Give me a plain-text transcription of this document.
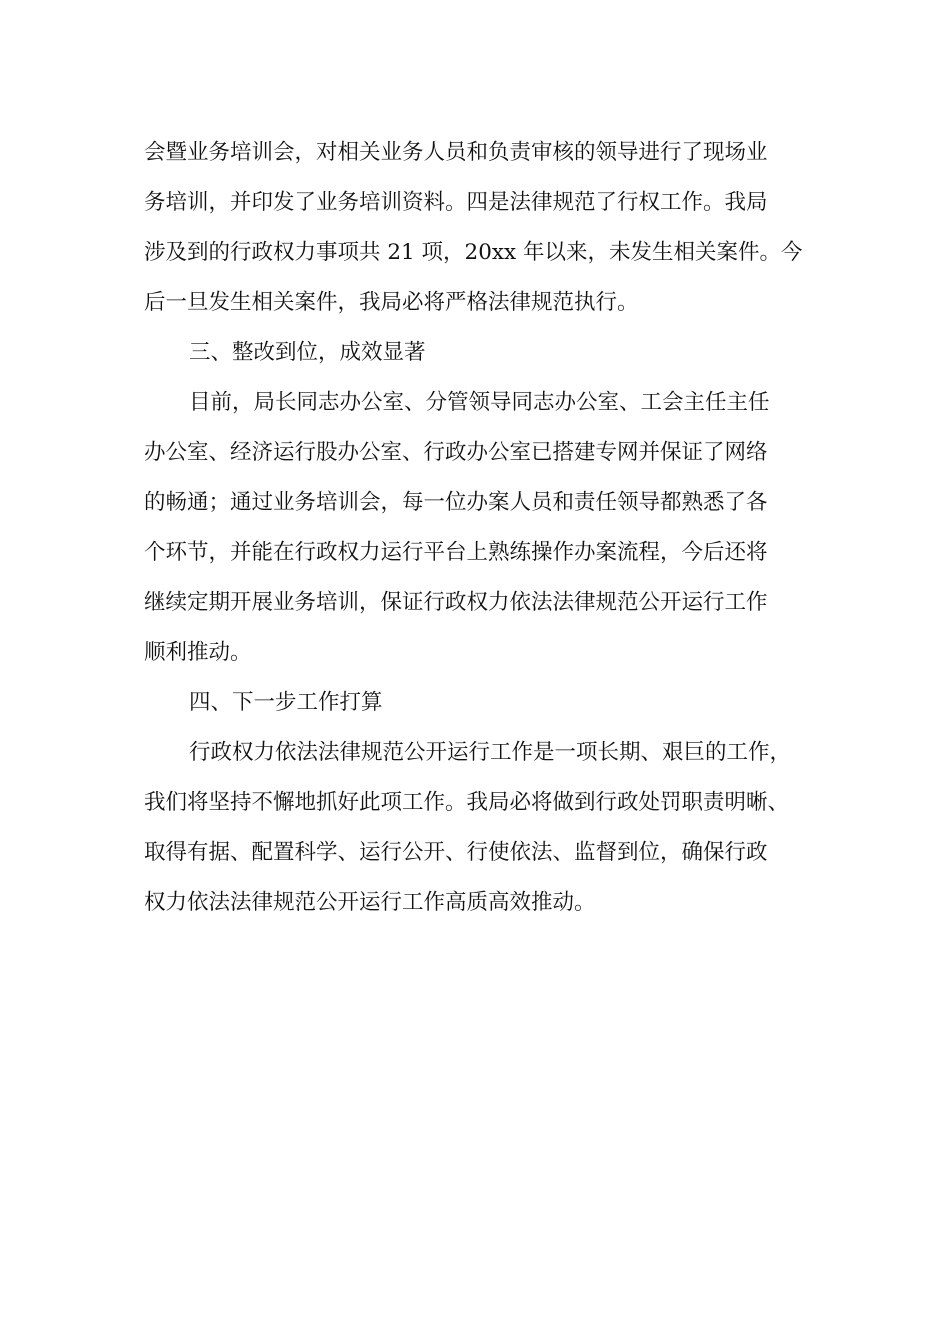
会暨业务培训会，对相关业务人员和负责审核的领导进行了现场业
务培训，并印发了业务培训资料。四是法律规范了行权工作。我局
涉及到的行政权力事项共 21 项，20xx 年以来，未发生相关案件。今
后一旦发生相关案件，我局必将严格法律规范执行。
三、整改到位，成效显著
目前，局长同志办公室、分管领导同志办公室、工会主任主任
办公室、经济运行股办公室、行政办公室已搭建专网并保证了网络
的畅通；通过业务培训会，每一位办案人员和责任领导都熟悉了各
个环节，并能在行政权力运行平台上熟练操作办案流程，今后还将
继续定期开展业务培训，保证行政权力依法法律规范公开运行工作
顺利推动。
四、下一步工作打算
行政权力依法法律规范公开运行工作是一项长期、艰巨的工作，
我们将坚持不懈地抓好此项工作。我局必将做到行政处罚职责明晰、
取得有据、配置科学、运行公开、行使依法、监督到位，确保行政
权力依法法律规范公开运行工作高质高效推动。
